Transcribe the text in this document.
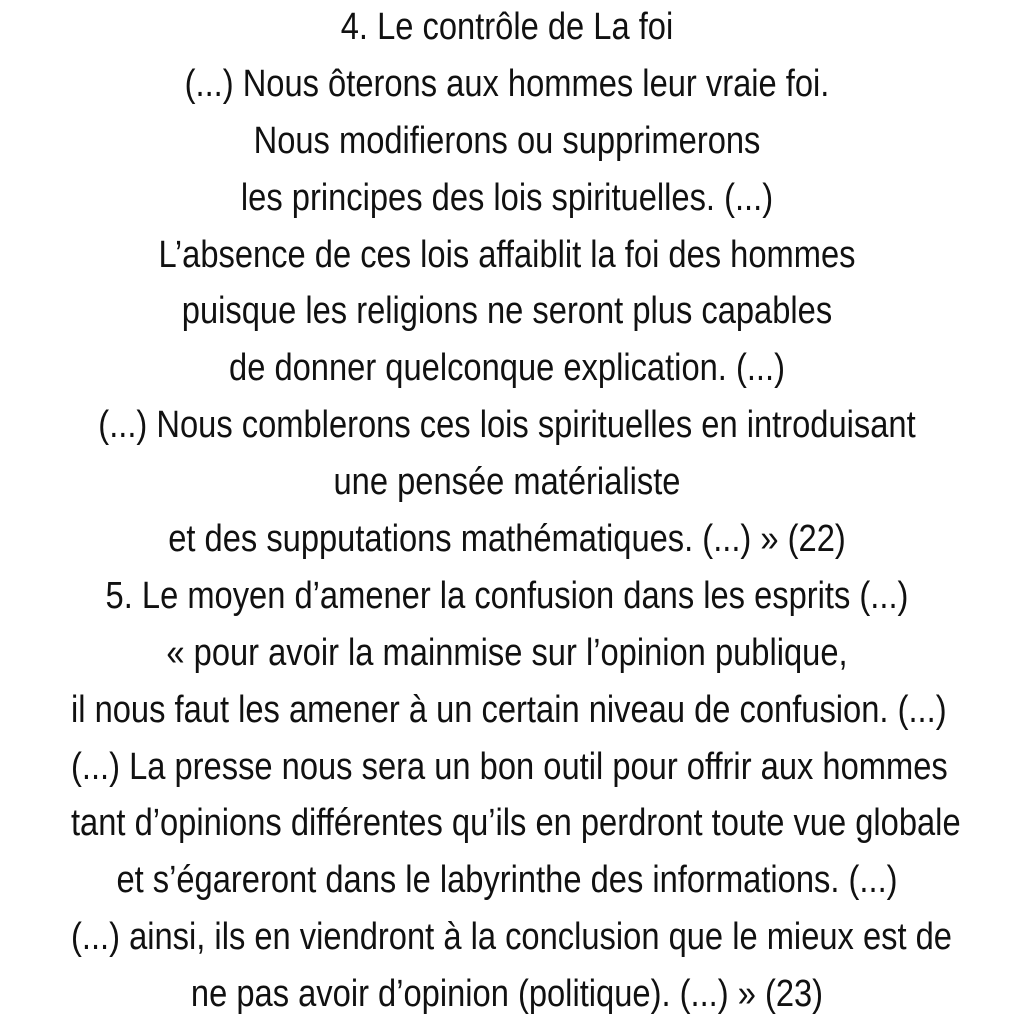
4. Le contrôle de La foi
(...) Nous ôterons aux hommes leur vraie foi.
Nous modifierons ou supprimerons
les principes des lois spirituelles. (...)
L’absence de ces lois affaiblit la foi des hommes
puisque les religions ne seront plus capables
de donner quelconque explication. (...)
(...) Nous comblerons ces lois spirituelles en introduisant
une pensée matérialiste
et des supputations mathématiques. (...) » (22)
5. Le moyen d’amener la confusion dans les esprits (...)
« pour avoir la mainmise sur l’opinion publique,
il nous faut les amener à un certain niveau de confusion. (...)
(...) La presse nous sera un bon outil pour offrir aux hommes
tant d’opinions différentes qu’ils en perdront toute vue globale
et s’égareront dans le labyrinthe des informations. (...)
(...) ainsi, ils en viendront à la conclusion que le mieux est de
ne pas avoir d’opinion (politique). (...) » (23)
